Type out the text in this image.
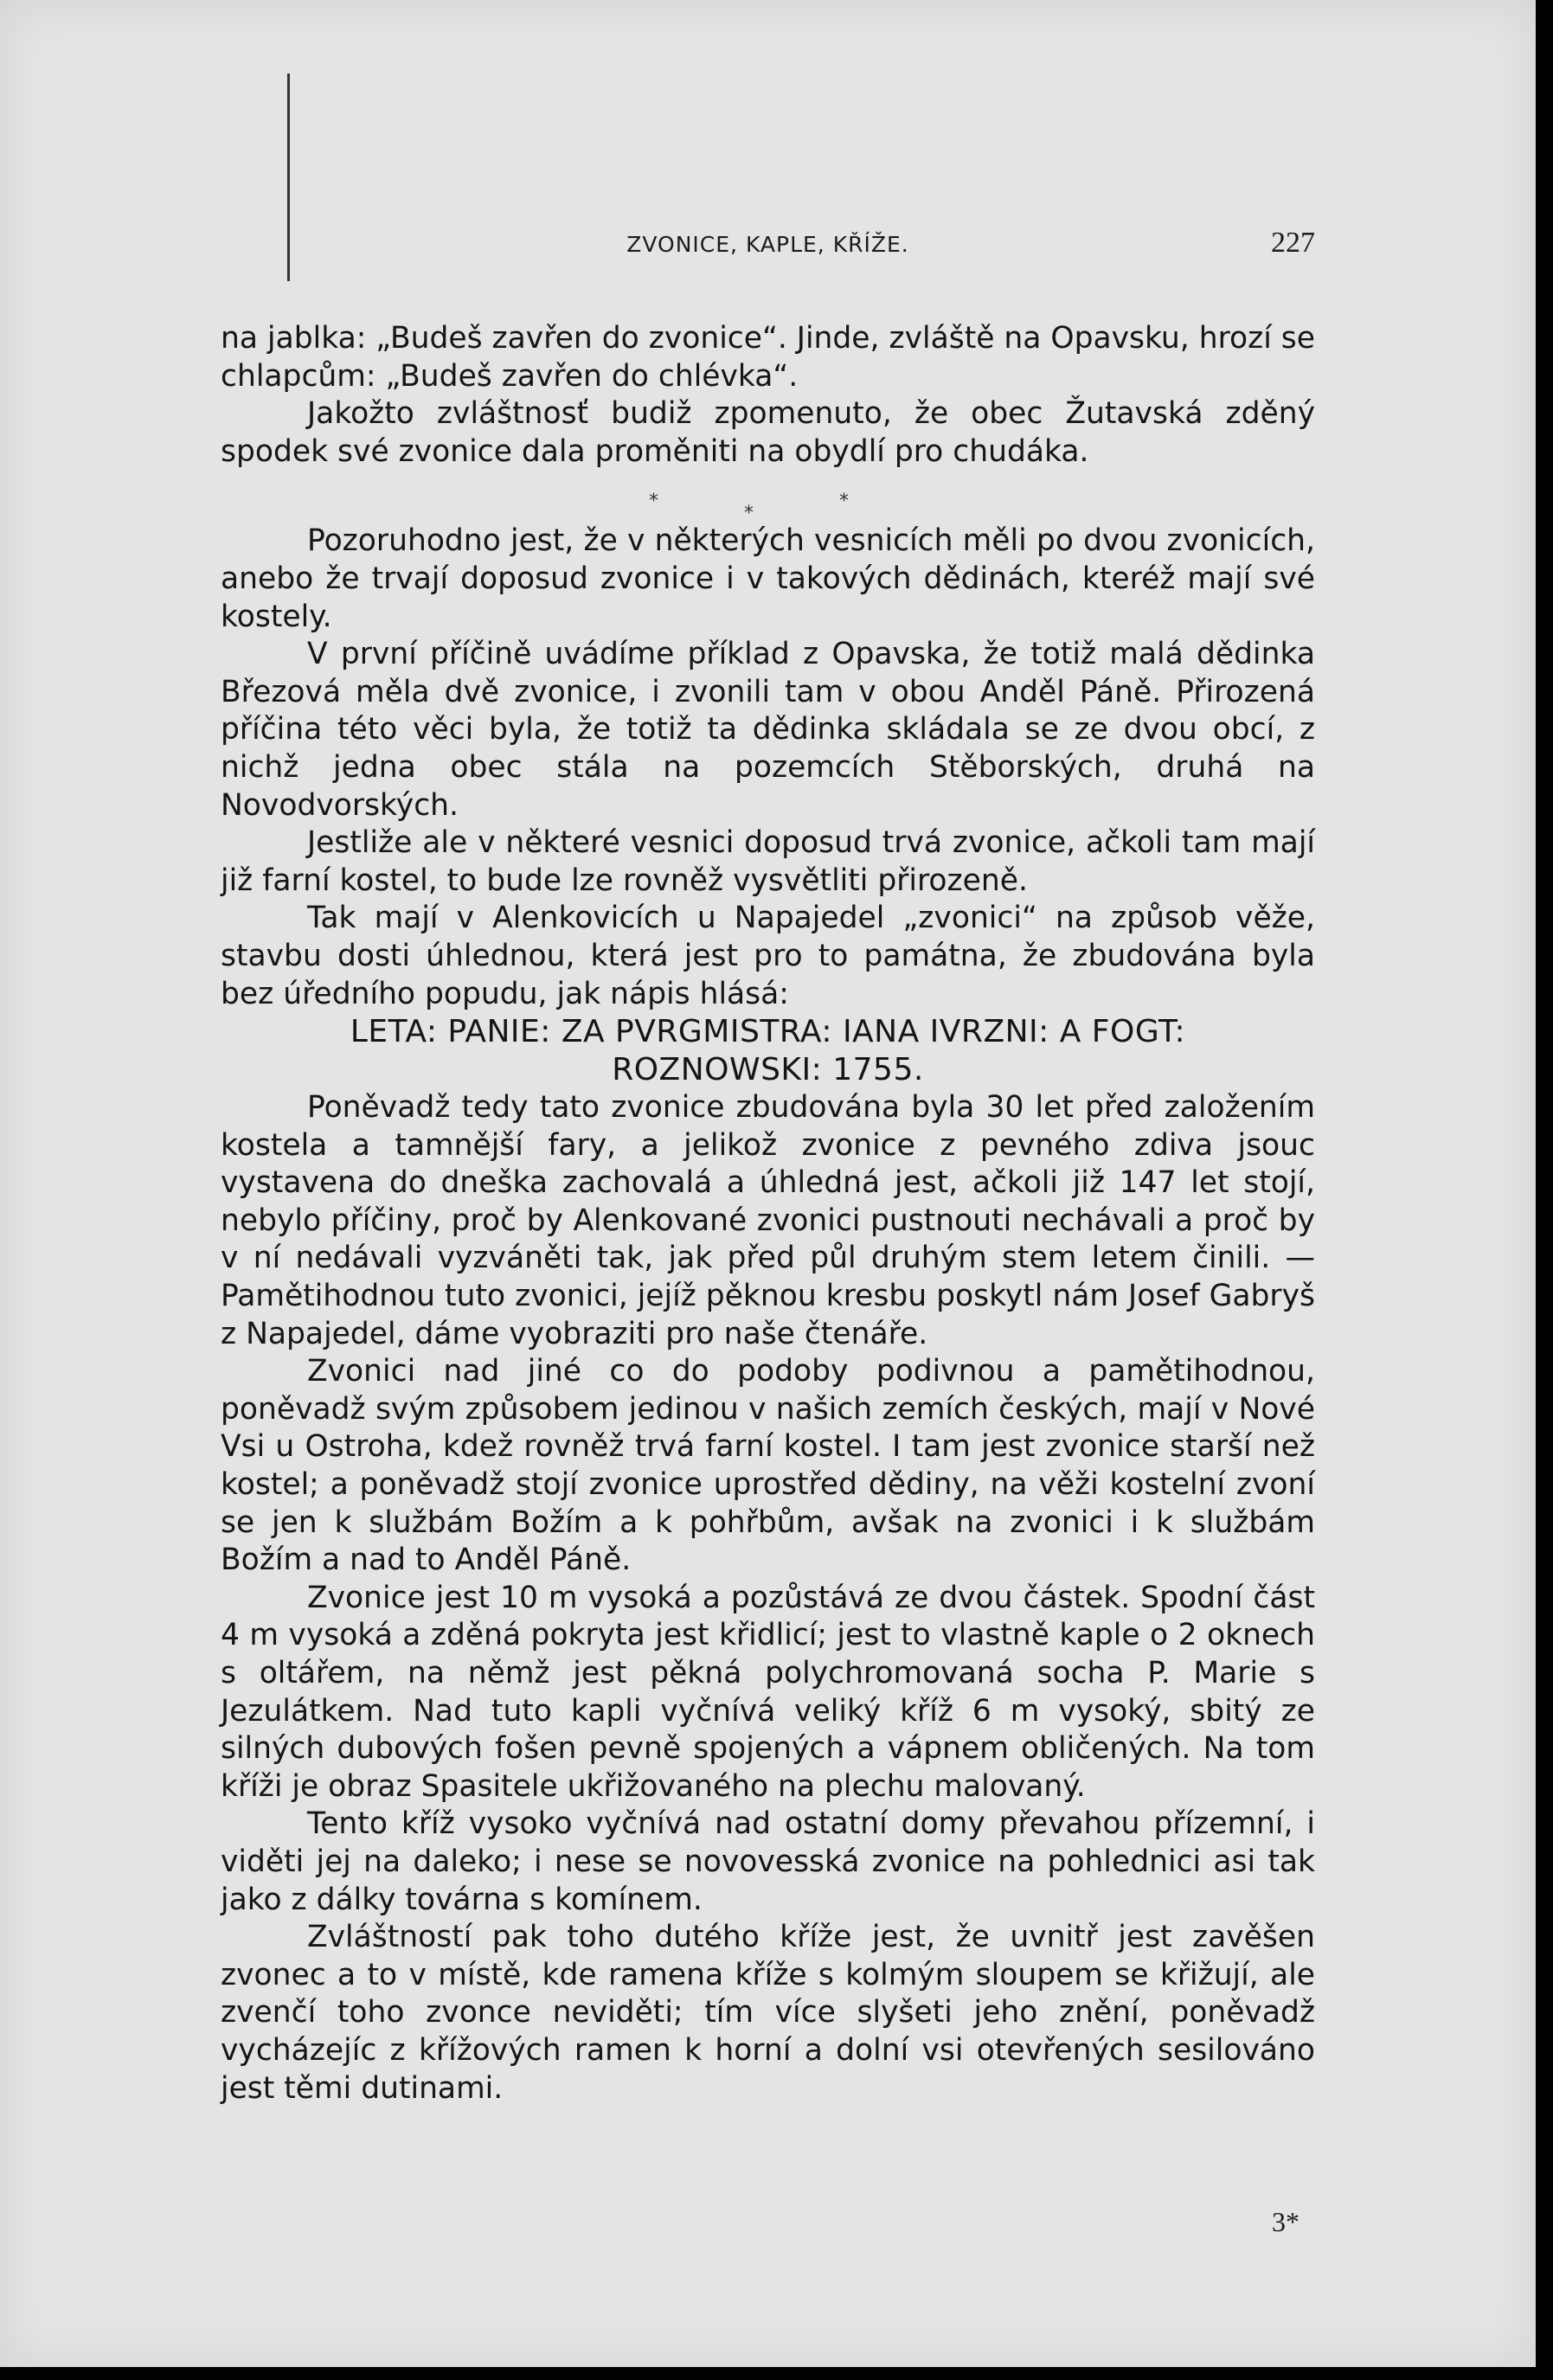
ZVONICE, KAPLE, KŘÍŽE.	227

na jablka: „Budeš zavřen do zvonice“. Jinde, zvláště na Opavsku, hrozí se chlapcům: „Budeš zavřen do chlévka“.

Jakožto zvláštnosť budiž zpomenuto, že obec Žutavská zděný spodek své zvonice dala proměniti na obydlí pro chudáka.

*
*
*

Pozoruhodno jest, že v některých vesnicích měli po dvou zvonicích, anebo že trvají doposud zvonice i v takových dědinách, kteréž mají své kostely.

V první příčině uvádíme příklad z Opavska, že totiž malá dědinka Březová měla dvě zvonice, i zvonili tam v obou Anděl Páně. Přirozená příčina této věci byla, že totiž ta dědinka skládala se ze dvou obcí, z nichž jedna obec stála na pozemcích Stěborských, druhá na Novodvorských.

Jestliže ale v některé vesnici doposud trvá zvonice, ačkoli tam mají již farní kostel, to bude lze rovněž vysvětliti přirozeně.

Tak mají v Alenkovicích u Napajedel „zvonici“ na způsob věže, stavbu dosti úhlednou, která jest pro to památna, že zbudována byla bez úředního popudu, jak nápis hlásá:

LETA: PANIE: ZA PVRGMISTRA: IANA IVRZNI: A FOGT:
ROZNOWSKI: 1755.

Poněvadž tedy tato zvonice zbudována byla 30 let před založením kostela a tamnější fary, a jelikož zvonice z pevného zdiva jsouc vystavena do dneška zachovalá a úhledná jest, ačkoli již 147 let stojí, nebylo příčiny, proč by Alenkované zvonici pustnouti nechávali a proč by v ní nedávali vyzváněti tak, jak před půl druhým stem letem činili. — Pamětihodnou tuto zvonici, jejíž pěknou kresbu poskytl nám Josef Gabryš z Napajedel, dáme vyobraziti pro naše čtenáře.

Zvonici nad jiné co do podoby podivnou a pamětihodnou, poněvadž svým způsobem jedinou v našich zemích českých, mají v Nové Vsi u Ostroha, kdež rovněž trvá farní kostel. I tam jest zvonice starší než kostel; a poněvadž stojí zvonice uprostřed dědiny, na věži kostelní zvoní se jen k službám Božím a k pohřbům, avšak na zvonici i k službám Božím a nad to Anděl Páně.

Zvonice jest 10 m vysoká a pozůstává ze dvou částek. Spodní část 4 m vysoká a zděná pokryta jest křidlicí; jest to vlastně kaple o 2 oknech s oltářem, na němž jest pěkná polychromovaná socha P. Marie s Jezulátkem. Nad tuto kapli vyčnívá veliký kříž 6 m vysoký, sbitý ze silných dubových fošen pevně spojených a vápnem obličených. Na tom kříži je obraz Spasitele ukřižovaného na plechu malovaný.

Tento kříž vysoko vyčnívá nad ostatní domy převahou přízemní, i viděti jej na daleko; i nese se novovesská zvonice na pohlednici asi tak jako z dálky továrna s komínem.

Zvláštností pak toho dutého kříže jest, že uvnitř jest zavěšen zvonec a to v místě, kde ramena kříže s kolmým sloupem se křižují, ale zvenčí toho zvonce neviděti; tím více slyšeti jeho znění, poněvadž vycházejíc z křížových ramen k horní a dolní vsi otevřených sesilováno jest těmi dutinami.

3*
